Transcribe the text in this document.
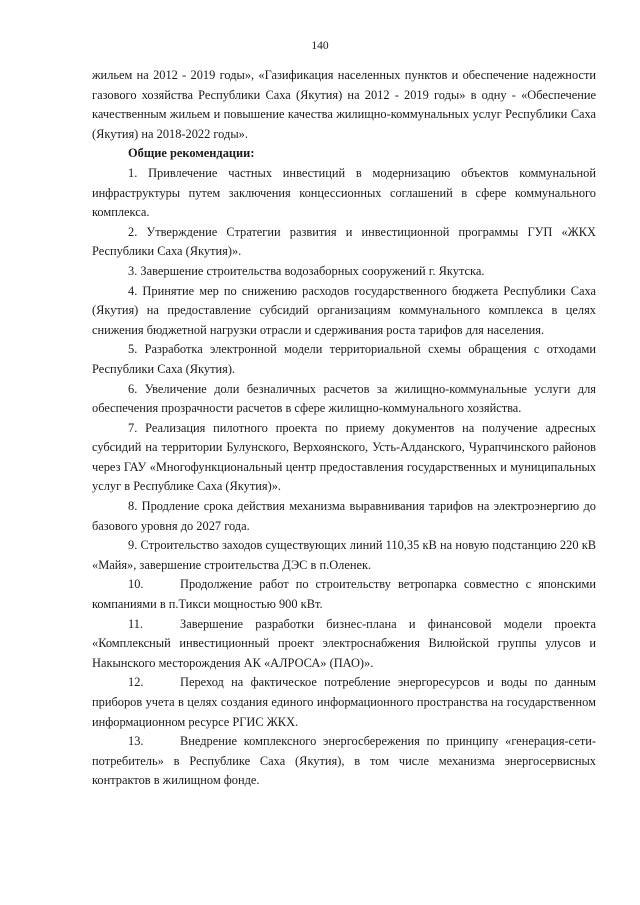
140

жильем на 2012 - 2019 годы», «Газификация населенных пунктов и обеспечение надежности газового хозяйства Республики Саха (Якутия) на 2012 - 2019 годы» в одну - «Обеспечение качественным жильем и повышение качества жилищно-коммунальных услуг Республики Саха (Якутия) на 2018-2022 годы».

Общие рекомендации:

1. Привлечение частных инвестиций в модернизацию объектов коммунальной инфраструктуры путем заключения концессионных соглашений в сфере коммунального комплекса.

2. Утверждение Стратегии развития и инвестиционной программы ГУП «ЖКХ Республики Саха (Якутия)».

3. Завершение строительства водозаборных сооружений г. Якутска.

4. Принятие мер по снижению расходов государственного бюджета Республики Саха (Якутия) на предоставление субсидий организациям коммунального комплекса в целях снижения бюджетной нагрузки отрасли и сдерживания роста тарифов для населения.

5. Разработка электронной модели территориальной схемы обращения с отходами Республики Саха (Якутия).

6. Увеличение доли безналичных расчетов за жилищно-коммунальные услуги для обеспечения прозрачности расчетов в сфере жилищно-коммунального хозяйства.

7. Реализация пилотного проекта по приему документов на получение адресных субсидий на территории Булунского, Верхоянского, Усть-Алданского, Чурапчинского районов через ГАУ «Многофункциональный центр предоставления государственных и муниципальных услуг в Республике Саха (Якутия)».

8. Продление срока действия механизма выравнивания тарифов на электроэнергию до базового уровня до 2027 года.

9. Строительство заходов существующих линий 110,35 кВ на новую подстанцию 220 кВ «Майя», завершение строительства ДЭС в п.Оленек.

10.	Продолжение работ по строительству ветропарка совместно с японскими компаниями в п.Тикси мощностью 900 кВт.

11.	Завершение разработки бизнес-плана и финансовой модели проекта «Комплексный инвестиционный проект электроснабжения Вилюйской группы улусов и Накынского месторождения АК «АЛРОСА» (ПАО)».

12.	Переход на фактическое потребление энергоресурсов и воды по данным приборов учета в целях создания единого информационного пространства на государственном информационном ресурсе РГИС ЖКХ.

13.	Внедрение комплексного энергосбережения по принципу «генерация-сети-потребитель» в Республике Саха (Якутия), в том числе механизма энергосервисных контрактов в жилищном фонде.
